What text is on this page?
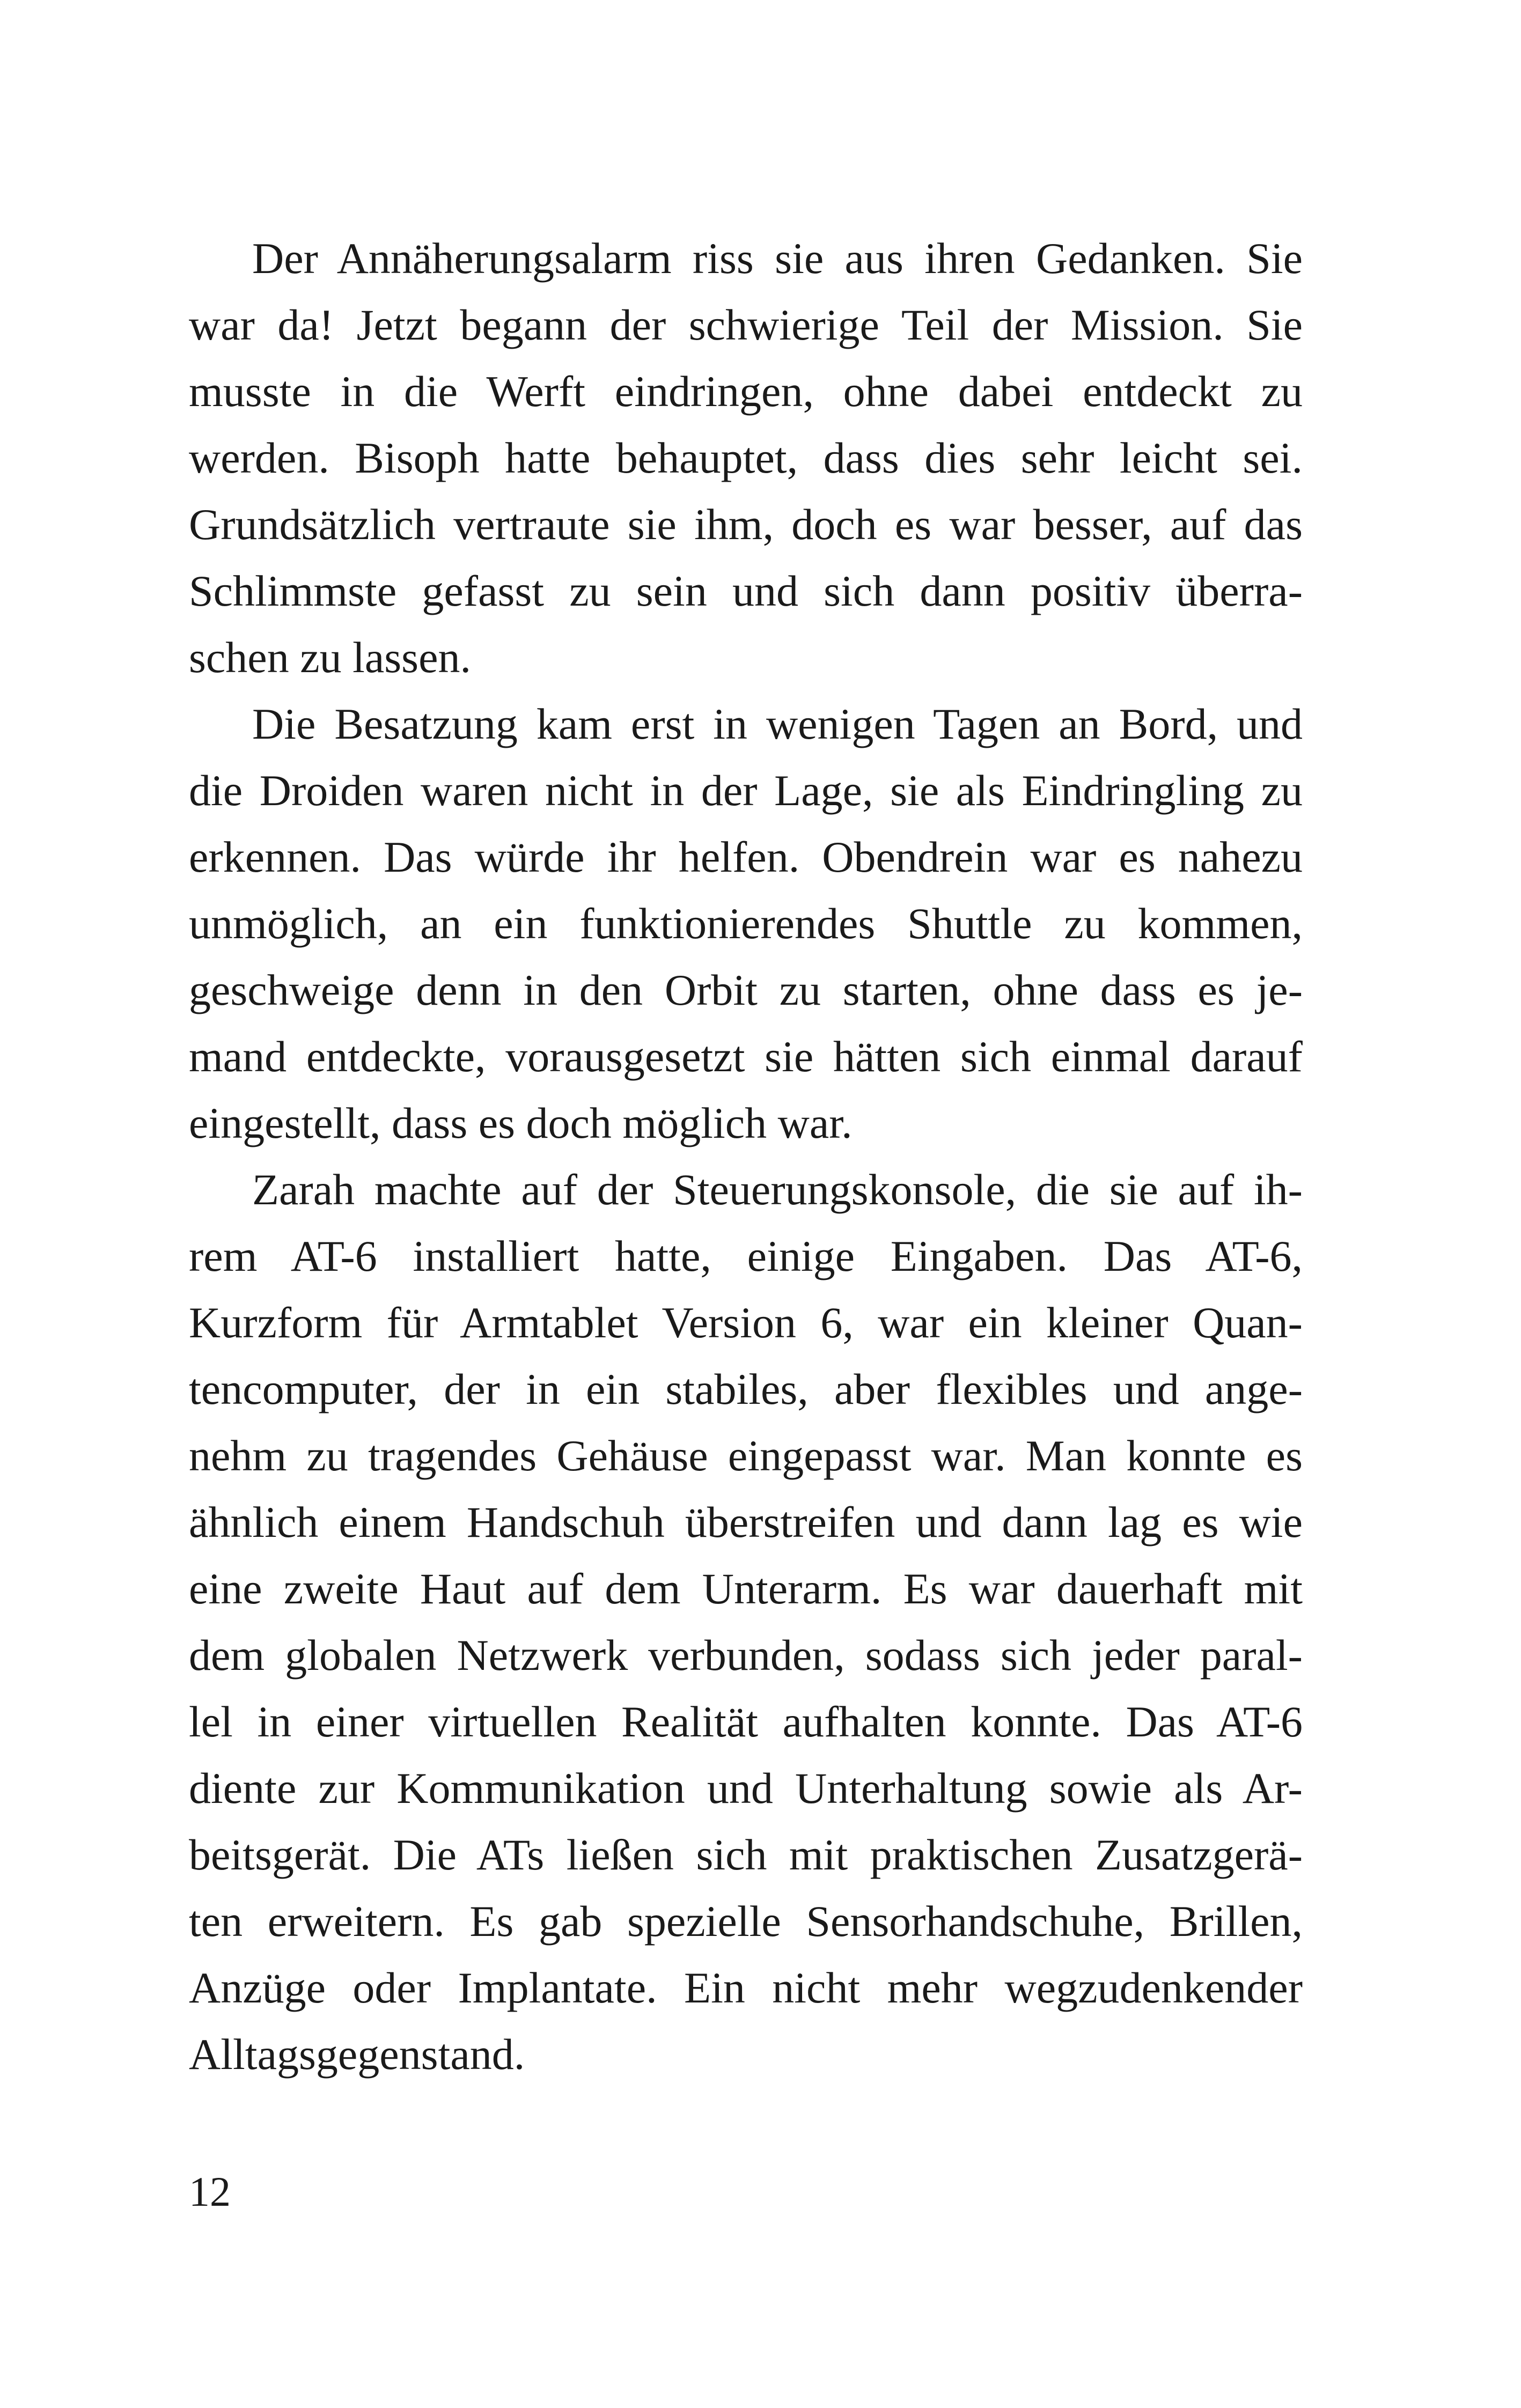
Der Annäherungsalarm riss sie aus ihren Gedanken. Sie
war da! Jetzt begann der schwierige Teil der Mission. Sie
musste in die Werft eindringen, ohne dabei entdeckt zu
werden. Bisoph hatte behauptet, dass dies sehr leicht sei.
Grundsätzlich vertraute sie ihm, doch es war besser, auf das
Schlimmste gefasst zu sein und sich dann positiv überra-
schen zu lassen.
Die Besatzung kam erst in wenigen Tagen an Bord, und
die Droiden waren nicht in der Lage, sie als Eindringling zu
erkennen. Das würde ihr helfen. Obendrein war es nahezu
unmöglich, an ein funktionierendes Shuttle zu kommen,
geschweige denn in den Orbit zu starten, ohne dass es je-
mand entdeckte, vorausgesetzt sie hätten sich einmal darauf
eingestellt, dass es doch möglich war.
Zarah machte auf der Steuerungskonsole, die sie auf ih-
rem AT-6 installiert hatte, einige Eingaben. Das AT-6,
Kurzform für Armtablet Version 6, war ein kleiner Quan-
tencomputer, der in ein stabiles, aber flexibles und ange-
nehm zu tragendes Gehäuse eingepasst war. Man konnte es
ähnlich einem Handschuh überstreifen und dann lag es wie
eine zweite Haut auf dem Unterarm. Es war dauerhaft mit
dem globalen Netzwerk verbunden, sodass sich jeder paral-
lel in einer virtuellen Realität aufhalten konnte. Das AT-6
diente zur Kommunikation und Unterhaltung sowie als Ar-
beitsgerät. Die ATs ließen sich mit praktischen Zusatzgerä-
ten erweitern. Es gab spezielle Sensorhandschuhe, Brillen,
Anzüge oder Implantate. Ein nicht mehr wegzudenkender
Alltagsgegenstand.
12
